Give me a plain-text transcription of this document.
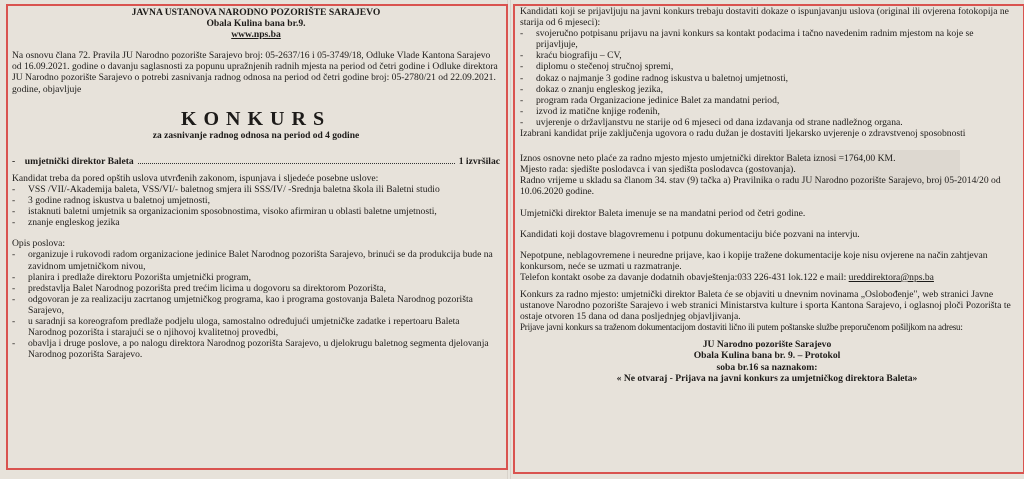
JAVNA USTANOVA NARODNO POZORIŠTE SARAJEVO

Obala Kulina bana br.9.

www.nps.ba

Na osnovu člana 72. Pravila JU Narodno pozorište Sarajevo broj: 05-2637/16 i 05-3749/18, Odluke Vlade Kantona Sarajevo od 16.09.2021. godine o davanju saglasnosti za popunu upražnjenih radnih mjesta na period od četri godine i Odluke direktora JU Narodno pozorište Sarajevo o potrebi zasnivanja radnog odnosa na period od četri godine broj: 05-2780/21 od 22.09.2021. godine, objavljuje

KONKURS

za zasnivanje radnog odnosa na period od 4 godine

-    umjetnički direktor Baleta	1 izvršilac

Kandidat treba da pored opštih uslova utvrđenih zakonom, ispunjava i sljedeće posebne uslove:

-	VSS /VII/-Akademija baleta, VSS/VI/- baletnog smjera ili SSS/IV/ -Srednja baletna škola ili Baletni studio
-	3 godine radnog iskustva u baletnoj umjetnosti,
-	istaknuti baletni umjetnik sa organizacionim sposobnostima, visoko afirmiran u oblasti baletne umjetnosti,
-	znanje engleskog jezika

Opis poslova:

-	organizuje i rukovodi radom organizacione jedinice Balet Narodnog pozorišta Sarajevo, brinući se da produkcija bude na zavidnom umjetničkom nivou,
-	planira i predlaže direktoru Pozorišta umjetnički program,
-	predstavlja Balet Narodnog pozorišta pred trećim licima u dogovoru sa direktorom Pozorišta,
-	odgovoran je za realizaciju zacrtanog umjetničkog programa, kao i programa gostovanja Baleta Narodnog pozorišta Sarajevo,
-	u saradnji sa koreografom predlaže podjelu uloga, samostalno određujući umjetničke zadatke i repertoaru Baleta Narodnog pozorišta i starajući se o njihovoj kvalitetnoj provedbi,
-	obavlja i druge poslove, a po nalogu direktora Narodnog pozorišta Sarajevo, u djelokrugu baletnog segmenta djelovanja Narodnog pozorišta Sarajevo.

Kandidati koji se prijavljuju na javni konkurs trebaju dostaviti dokaze o ispunjavanju uslova (original ili ovjerena fotokopija ne starija od 6 mjeseci):

-	svojeručno potpisanu prijavu na javni konkurs sa kontakt podacima i tačno navedenim radnim mjestom na koje se prijavljuje,
-	kraću biografiju – CV,
-	diplomu o stečenoj stručnoj spremi,
-	dokaz o najmanje 3 godine radnog iskustva u baletnoj umjetnosti,
-	dokaz o znanju engleskog jezika,
-	program rada Organizacione jedinice Balet za mandatni period,
-	izvod iz matične knjige rođenih,
-	uvjerenje o državljanstvu ne starije od 6 mjeseci od dana izdavanja od strane nadležnog organa.

Izabrani kandidat prije zaključenja ugovora o radu dužan je dostaviti ljekarsko uvjerenje o zdravstvenoj sposobnosti

Iznos osnovne neto plaće za radno mjesto mjesto umjetnički direktor Baleta iznosi =1764,00 KM.

Mjesto rada: sjedište poslodavca i van sjedišta poslodavca (gostovanja).

Radno vrijeme u skladu sa članom 34. stav (9) tačka a) Pravilnika o radu JU Narodno pozorište Sarajevo, broj 05-2014/20 od 10.06.2020 godine.

Umjetnički direktor Baleta imenuje se na mandatni period od četri godine.

Kandidati koji dostave blagovremenu i potpunu dokumentaciju biće pozvani na intervju.

Nepotpune, neblagovremene i neuredne prijave, kao i kopije tražene dokumentacije koje nisu ovjerene na način zahtjevan konkursom, neće se uzmati u razmatranje.

Telefon kontakt osobe za davanje dodatnih obavještenja:033 226-431 lok.122 e mail: ureddirektora@nps.ba

Konkurs za radno mjesto: umjetnički direktor Baleta će se objaviti u dnevnim novinama „Oslobođenje", web stranici Javne ustanove Narodno pozorište Sarajevo i web stranici Ministarstva kulture i sporta Kantona Sarajevo, i oglasnoj ploči Pozorišta te ostaje otvoren 15 dana od dana posljednjeg objavljivanja.

Prijave javni konkurs sa traženom dokumentacijom dostaviti lično ili putem poštanske službe preporučenom pošiljkom na adresu:

JU Narodno pozorište Sarajevo

Obala Kulina bana br. 9. – Protokol

soba br.16 sa naznakom:

« Ne otvaraj - Prijava na javni konkurs za umjetničkog direktora Baleta»
